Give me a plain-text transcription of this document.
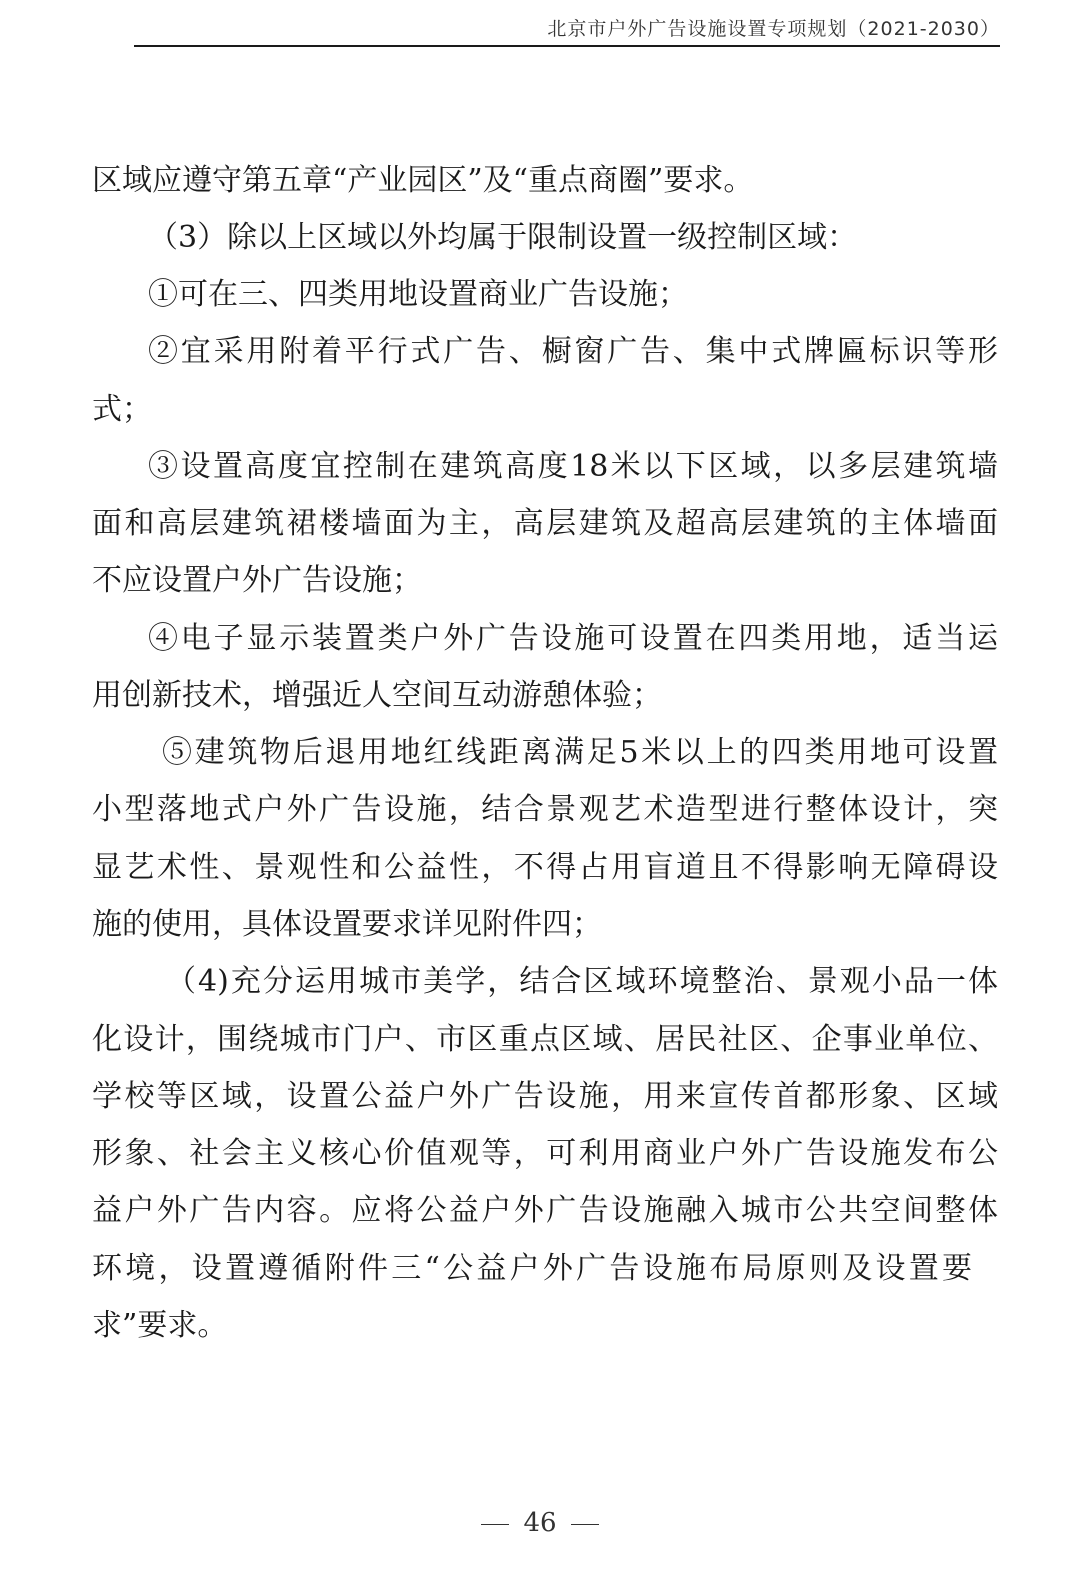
北京市户外广告设施设置专项规划（2021-2030）
区域应遵守第五章“产业园区”及“重点商圈”要求。
（3）除以上区域以外均属于限制设置一级控制区域：
①可在三、四类用地设置商业广告设施；
②宜采用附着平行式广告、橱窗广告、集中式牌匾标识等形
式；
③设置高度宜控制在建筑高度18米以下区域，以多层建筑墙
面和高层建筑裙楼墙面为主，高层建筑及超高层建筑的主体墙面
不应设置户外广告设施；
④电子显示装置类户外广告设施可设置在四类用地，适当运
用创新技术，增强近人空间互动游憩体验；
⑤建筑物后退用地红线距离满足5米以上的四类用地可设置
小型落地式户外广告设施，结合景观艺术造型进行整体设计，突
显艺术性、景观性和公益性，不得占用盲道且不得影响无障碍设
施的使用，具体设置要求详见附件四；
（4)充分运用城市美学，结合区域环境整治、景观小品一体
化设计，围绕城市门户、市区重点区域、居民社区、企事业单位、
学校等区域，设置公益户外广告设施，用来宣传首都形象、区域
形象、社会主义核心价值观等，可利用商业户外广告设施发布公
益户外广告内容。应将公益户外广告设施融入城市公共空间整体
环境，设置遵循附件三“公益户外广告设施布局原则及设置要
求”要求。
46
